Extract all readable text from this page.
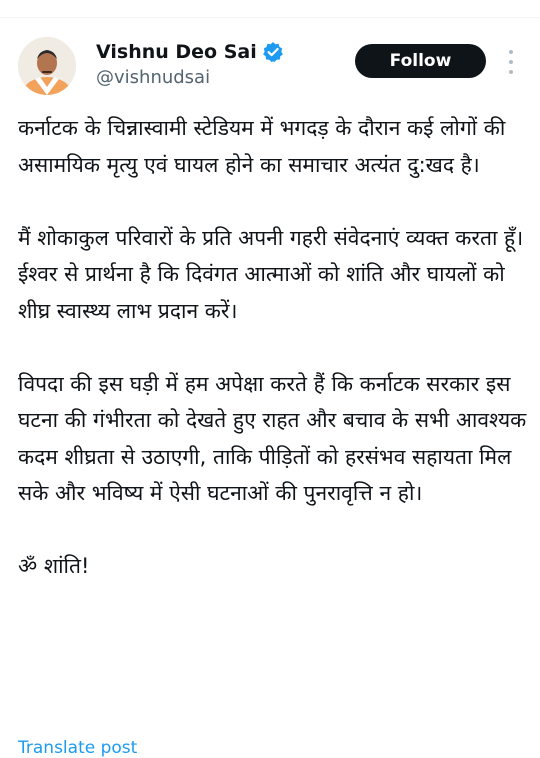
Vishnu Deo Sai
@vishnudsai
Follow

कर्नाटक के चिन्नास्वामी स्टेडियम में भगदड़ के दौरान कई लोगों की असामयिक मृत्यु एवं घायल होने का समाचार अत्यंत दु:खद है।

मैं शोकाकुल परिवारों के प्रति अपनी गहरी संवेदनाएं व्यक्त करता हूँ। ईश्वर से प्रार्थना है कि दिवंगत आत्माओं को शांति और घायलों को शीघ्र स्वास्थ्य लाभ प्रदान करें।

विपदा की इस घड़ी में हम अपेक्षा करते हैं कि कर्नाटक सरकार इस घटना की गंभीरता को देखते हुए राहत और बचाव के सभी आवश्यक कदम शीघ्रता से उठाएगी, ताकि पीड़ितों को हरसंभव सहायता मिल सके और भविष्य में ऐसी घटनाओं की पुनरावृत्ति न हो।

ॐ शांति!

Translate post
